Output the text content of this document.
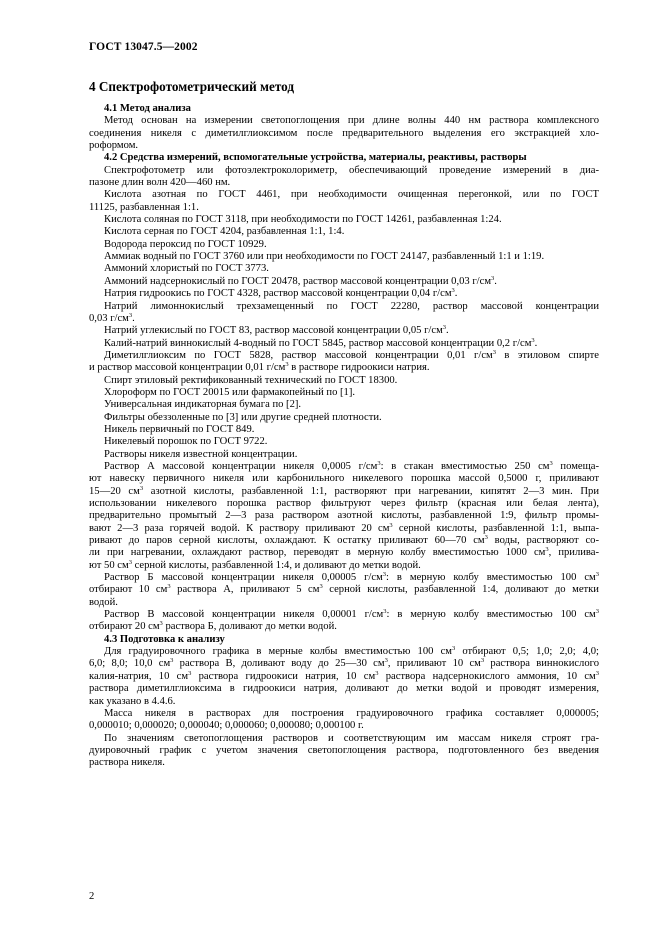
ГОСТ 13047.5—2002
4 Спектрофотометрический метод
4.1 Метод анализа
Метод основан на измерении светопоглощения при длине волны 440 нм раствора комплексного
соединения никеля с диметилглиоксимом после предварительного выделения его экстракцией хло-
роформом.
4.2 Средства измерений, вспомогательные устройства, материалы, реактивы, растворы
Спектрофотометр или фотоэлектроколориметр, обеспечивающий проведение измерений в диа-
пазоне длин волн 420—460 нм.
Кислота азотная по ГОСТ 4461, при необходимости очищенная перегонкой, или по ГОСТ
11125, разбавленная 1:1.
Кислота соляная по ГОСТ 3118, при необходимости по ГОСТ 14261, разбавленная 1:24.
Кислота серная по ГОСТ 4204, разбавленная 1:1, 1:4.
Водорода пероксид по ГОСТ 10929.
Аммиак водный по ГОСТ 3760 или при необходимости по ГОСТ 24147, разбавленный 1:1 и 1:19.
Аммоний хлористый по ГОСТ 3773.
Аммоний надсернокислый по ГОСТ 20478, раствор массовой концентрации 0,03 $г/см^3$.
Натрия гидроокись по ГОСТ 4328, раствор массовой концентрации 0,04 $г/см^3$.
Натрий лимоннокислый трехзамещенный по ГОСТ 22280, раствор массовой концентрации
0,03 $г/см^3$.
Натрий углекислый по ГОСТ 83, раствор массовой концентрации 0,05 $г/см^3$.
Калий-натрий виннокислый 4-водный по ГОСТ 5845, раствор массовой концентрации 0,2 $г/см^3$.
Диметилглиоксим по ГОСТ 5828, раствор массовой концентрации 0,01 $г/см^3$ в этиловом спирте
и раствор массовой концентрации 0,01 $г/см^3$ в растворе гидроокиси натрия.
Спирт этиловый ректификованный технический по ГОСТ 18300.
Хлороформ по ГОСТ 20015 или фармакопейный по [1].
Универсальная индикаторная бумага по [2].
Фильтры обеззоленные по [3] или другие средней плотности.
Никель первичный по ГОСТ 849.
Никелевый порошок по ГОСТ 9722.
Растворы никеля известной концентрации.
Раствор А массовой концентрации никеля 0,0005 $г/см^3$: в стакан вместимостью 250 $см^3$ помеща-
ют навеску первичного никеля или карбонильного никелевого порошка массой 0,5000 г, приливают
15—20 $см^3$ азотной кислоты, разбавленной 1:1, растворяют при нагревании, кипятят 2—3 мин. При
использовании никелевого порошка раствор фильтруют через фильтр (красная или белая лента),
предварительно промытый 2—3 раза раствором азотной кислоты, разбавленной 1:9, фильтр промы-
вают 2—3 раза горячей водой. К раствору приливают 20 $см^3$ серной кислоты, разбавленной 1:1, выпа-
ривают до паров серной кислоты, охлаждают. К остатку приливают 60—70 $см^3$ воды, растворяют со-
ли при нагревании, охлаждают раствор, переводят в мерную колбу вместимостью 1000 $см^3$, прилива-
ют 50 $см^3$ серной кислоты, разбавленной 1:4, и доливают до метки водой.
Раствор Б массовой концентрации никеля 0,00005 $г/см^3$: в мерную колбу вместимостью 100 $см^3$
отбирают 10 $см^3$ раствора А, приливают 5 $см^3$ серной кислоты, разбавленной 1:4, доливают до метки
водой.
Раствор В массовой концентрации никеля 0,00001 $г/см^3$: в мерную колбу вместимостью 100 $см^3$
отбирают 20 $см^3$ раствора Б, доливают до метки водой.
4.3 Подготовка к анализу
Для градуировочного графика в мерные колбы вместимостью 100 $см^3$ отбирают 0,5; 1,0; 2,0; 4,0;
6,0; 8,0; 10,0 $см^3$ раствора В, доливают воду до 25—30 $см^3$, приливают 10 $см^3$ раствора виннокислого
калия-натрия, 10 $см^3$ раствора гидроокиси натрия, 10 $см^3$ раствора надсернокислого аммония, 10 $см^3$
раствора диметилглиоксима в гидроокиси натрия, доливают до метки водой и проводят измерения,
как указано в 4.4.6.
Масса никеля в растворах для построения градуировочного графика составляет 0,000005;
0,000010; 0,000020; 0,000040; 0,000060; 0,000080; 0,000100 г.
По значениям светопоглощения растворов и соответствующим им массам никеля строят гра-
дуировочный график с учетом значения светопоглощения раствора, подготовленного без введения
раствора никеля.
2
